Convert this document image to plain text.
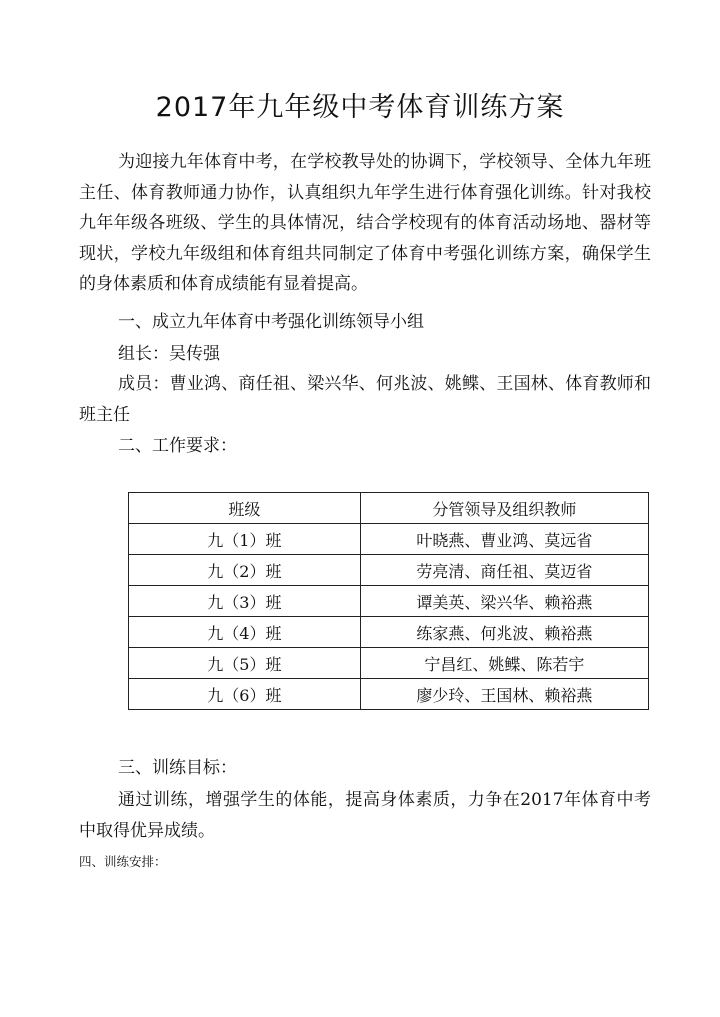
2017年九年级中考体育训练方案
为迎接九年体育中考，在学校教导处的协调下，学校领导、全体九年班主任、体育教师通力协作，认真组织九年学生进行体育强化训练。针对我校九年年级各班级、学生的具体情况，结合学校现有的体育活动场地、器材等现状，学校九年级组和体育组共同制定了体育中考强化训练方案，确保学生的身体素质和体育成绩能有显着提高。
一、成立九年体育中考强化训练领导小组
组长：吴传强
成员：曹业鸿、商任祖、梁兴华、何兆波、姚鲽、王国林、体育教师和班主任
二、工作要求：
班级	分管领导及组织教师
九（1）班	叶晓燕、曹业鸿、莫远省
九（2）班	劳亮清、商任祖、莫迈省
九（3）班	谭美英、梁兴华、赖裕燕
九（4）班	练家燕、何兆波、赖裕燕
九（5）班	宁昌红、姚鲽、陈若宇
九（6）班	廖少玲、王国林、赖裕燕
三、训练目标：
通过训练，增强学生的体能，提高身体素质，力争在2017年体育中考中取得优异成绩。
四、训练安排：
